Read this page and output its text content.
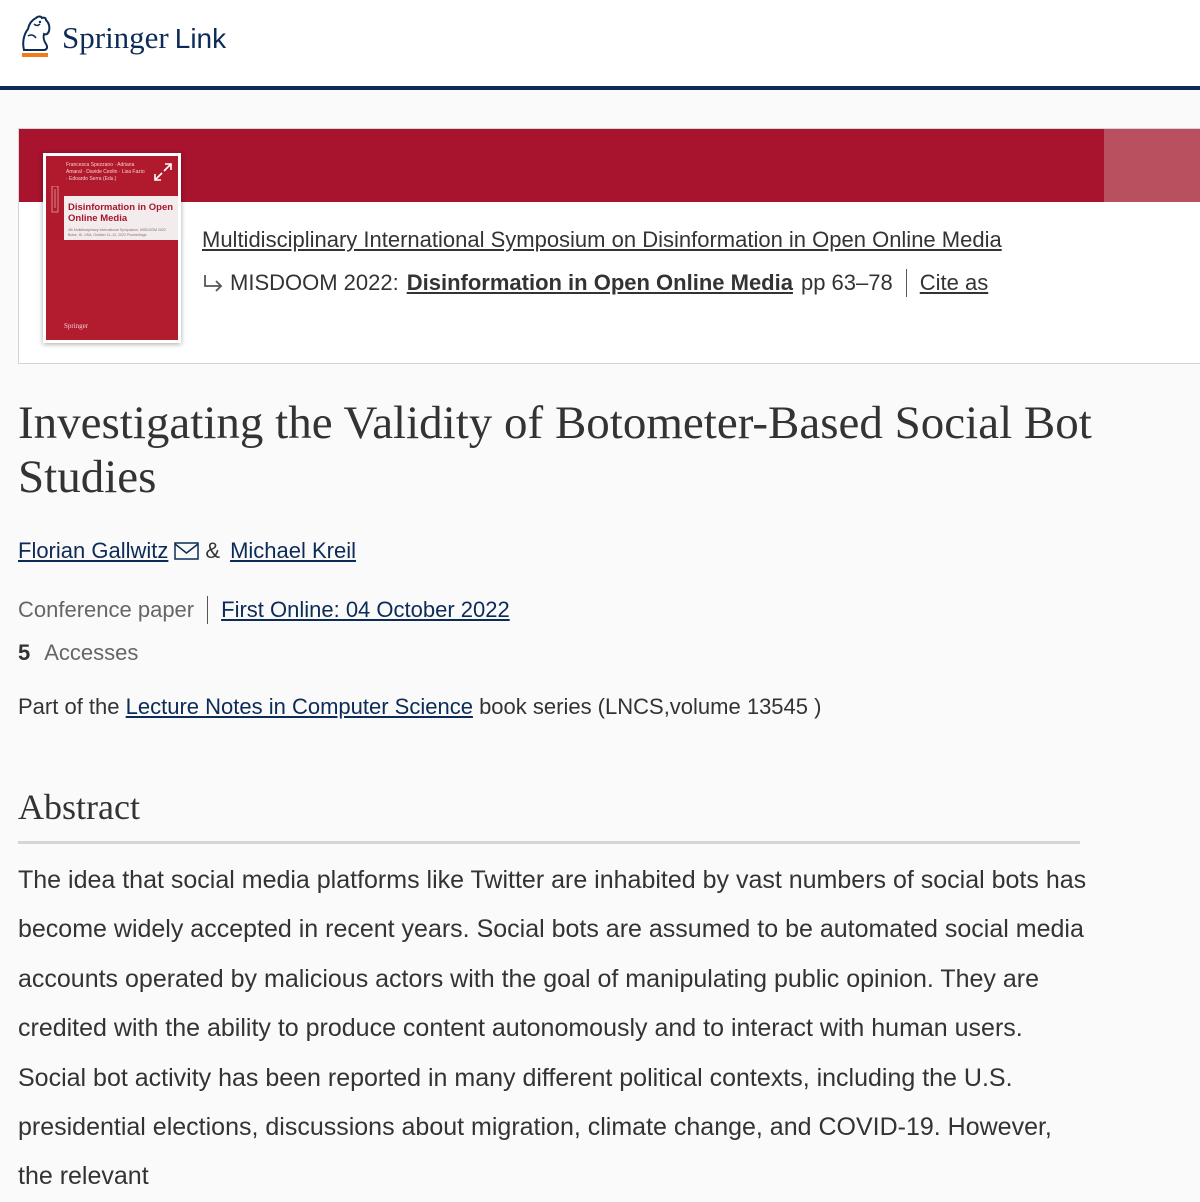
Springer Link
Francesca Spezzano · Adriana Amaral · Davide Ceolin · Lisa Fazio · Edoardo Serra (Eds.)
Disinformation in Open Online Media
4th Multidisciplinary International Symposium, MISDOOM 2022 Boise, ID, USA, October 11–12, 2022 Proceedings
Springer
Multidisciplinary International Symposium on Disinformation in Open Online Media
MISDOOM 2022: Disinformation in Open Online Media pp 63–78 Cite as
Investigating the Validity of Botometer-Based Social Bot Studies
Florian Gallwitz & Michael Kreil
Conference paper First Online: 04 October 2022
5 Accesses
Part of the Lecture Notes in Computer Science book series (LNCS,volume 13545 )
Abstract

The idea that social media platforms like Twitter are inhabited by vast numbers of social bots has become widely accepted in recent years. Social bots are assumed to be automated social media accounts operated by malicious actors with the goal of manipulating public opinion. They are credited with the ability to produce content autonomously and to interact with human users. Social bot activity has been reported in many different political contexts, including the U.S. presidential elections, discussions about migration, climate change, and COVID-19. However, the relevant
